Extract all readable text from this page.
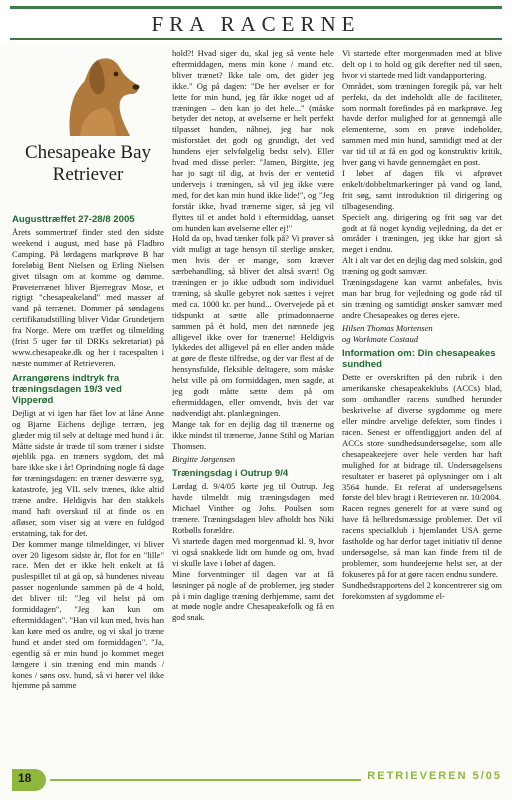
FRA RACERNE
Chesapeake Bay Retriever
Augusttræffet 27-28/8 2005

Årets sommertræf finder sted den sidste weekend i august, med base på Fladbro Camping. På lørdagens markprøve B har foreløbig Bent Nielsen og Erling Nielsen givet tilsagn om at komme og dømme. Prøveterrænet bliver Bjerregrav Mose, et rigtigt "chesapeakeland" med masser af vand på terrænet. Dommer på søndagens certifikatudstilling bliver Vidar Grundetjern fra Norge. Mere om træffet og tilmelding (frist 5 uger før til DRKs sekretariat) på www.chesapeake.dk og her i racespalten i næste nummer af Retrieveren.

Arrangørens indtryk fra træningsdagen 19/3 ved Vipperød

Dejligt at vi igen har fået lov at låne Anne og Bjarne Eichens dejlige terræn, jeg glæder mig til selv at deltage med hund i år. Måtte sidste år træde til som træner i sidste øjeblik pga. en træners sygdom, det må bare ikke ske i år! Oprindning nogle få dage før træningsdagen: en træner desværre syg, katastrofe, jeg VIL selv trænes, ikke altid træne andre. Heldigvis har den stakkels mand haft overskud til at finde os en afløser, som viser sig at være en fuldgod erstatning, tak for det.

Der kommer mange tilmeldinger, vi bliver over 20 ligesom sidste år, flot for en "lille" race. Men det er ikke helt enkelt at få puslespillet til at gå op, så hundenes niveau passer nogenlunde sammen på de 4 hold, det bliver til: "Jeg vil helst på om formiddagen". "Jeg kan kun om eftermiddagen". "Han vil kun med, hvis han kan køre med os andre, og vi skal jo træne hund et andet sted om formiddagen". "Ja, egentlig så er min hund jo kommet meget længere i sin træning end min mands / kones / søns osv. hund, så vi hører vel ikke hjemme på samme

hold?! Hvad siger du, skal jeg så vente hele eftermiddagen, mens min kone / mand etc. bliver trænet? Ikke tale om, det gider jeg ikke." Og på dagen: "De her øvelser er for lette for min hund, jeg får ikke noget ud af træningen – den kan jo det hele..." (måske betyder det netop, at øvelserne er helt perfekt tilpasset hunden, nåhnej, jeg har nok misforstået det godt og grundigt, det ved hundens ejer selvfølgelig bedst selv). Eller hvad med disse perler: "Jamen, Birgitte, jeg har jo sagt til dig, at hvis der er ventetid undervejs i træningen, så vil jeg ikke være med, for det kan min hund ikke lide!", og "Jeg forstår ikke, hvad trænerne siger, så jeg vil flyttes til et andet hold i eftermiddag, uanset om hunden kan øvelserne eller ej!"

Hold da op, hvad tænker folk på? Vi prøver så vidt muligt at tage hensyn til sterlige ønsker, men hvis der er mange, som kræver særbehandling, så bliver det altså svært! Og træningen er jo ikke udbudt som individuel træning, så skulle gebyret nok sættes i vejret med ca. 1000 kr. per hund... Overvejede på et tidspunkt at sætte alle primadonnaerne sammen på ét hold, men det nænnede jeg alligevel ikke over for trænerne! Heldigvis lykkedes det alligevel på en eller anden måde at gøre de fleste tilfredse, og der var flest af de hensynsfulde, fleksible deltagere, som måske helst ville på om formiddagen, men sagde, at jeg godt måtte sætte dem på om eftermiddagen, eller omvendt, hvis det var nødvendigt aht. planlægningen.

Mange tak for en dejlig dag til trænerne og ikke mindst til trænerne, Janne Stihl og Marian Thomsen.

Birgitte Jørgensen
Træningsdag i Outrup 9/4

Lørdag d. 9/4/05 kørte jeg til Outrup. Jeg havde tilmeldt mig træningsdagen med Michael Vinther og Johs. Poulsen som trænere. Træningsdagen blev afholdt hos Niki Rotbølls forældre.

Vi startede dagen med morgenmad kl. 9, hvor vi også snakkede lidt om hunde og om, hvad vi skulle lave i løbet af dagen.

Mine forventninger til dagen var at få løsninger på nogle af de problemer, jeg støder på i min daglige træning derhjemme, samt det at møde nogle andre Chesapeakefolk og få en god snak.

Vi startede efter morgenmaden med at blive delt op i to hold og gik derefter ned til søen, hvor vi startede med lidt vandapportering.

Området, som træningen foregik på, var helt perfekt, da det indeholdt alle de faciliteter, som normalt forefindes på en markprøve. Jeg havde derfor mulighed for at gennemgå alle elementerne, som en prøve indeholder, sammen med min hund, samtidigt med at der var tid til at få en god og konstruktiv kritik, hver gang vi havde gennemgået en post.

I løbet af dagen fik vi afprøvet enkelt/dobbeltmarkeringer på vand og land, frit søg, samt introduktion til dirigering og tilbagesending.

Specielt ang. dirigering og frit søg var det godt at få noget kyndig vejledning, da det er områder i træningen, jeg ikke har gjort så meget i endnu.

Alt i alt var det en dejlig dag med solskin, god træning og godt samvær.

Træningsdagene kan varmt anbefales, hvis man har brug for vejledning og gode råd til sin træning og samtidigt ønsker samvær med andre Chesapeakes og deres ejere.

Hilsen Thomas Mortensen
og Workmate Costaud
Information om: Din chesapeakes sundhed

Dette er overskriften på den rubrik i den amerikanske chesapeakeklubs (ACCs) blad, som omhandler racens sundhed herunder beskrivelse af diverse sygdomme og mere eller mindre arvelige defekter, som findes i racen. Senest er offentliggjort anden del af ACCs store sundhedsundersøgelse, som alle chesapeakeejere over hele verden har haft mulighed for at bidrage til. Undersøgelsens resultater er baseret på oplysninger om i alt 3564 hunde. Et referat af undersøgelsens første del blev bragt i Retrieveren nr. 10/2004.

Racen regnes generelt for at være sund og have få helbredsmæssige problemer. Det vil racens specialklub i hjemlandet USA gerne fastholde og har derfor taget initiativ til denne undersøgelse, så man kan finde frem til de problemer, som hundeejerne helst ser, at der fokuseres på for at gøre racen endnu sundere.

Sundhedsrapportens del 2 koncentrerer sig om forekomsten af sygdomme el-

18	RETRIEVEREN 5/05
